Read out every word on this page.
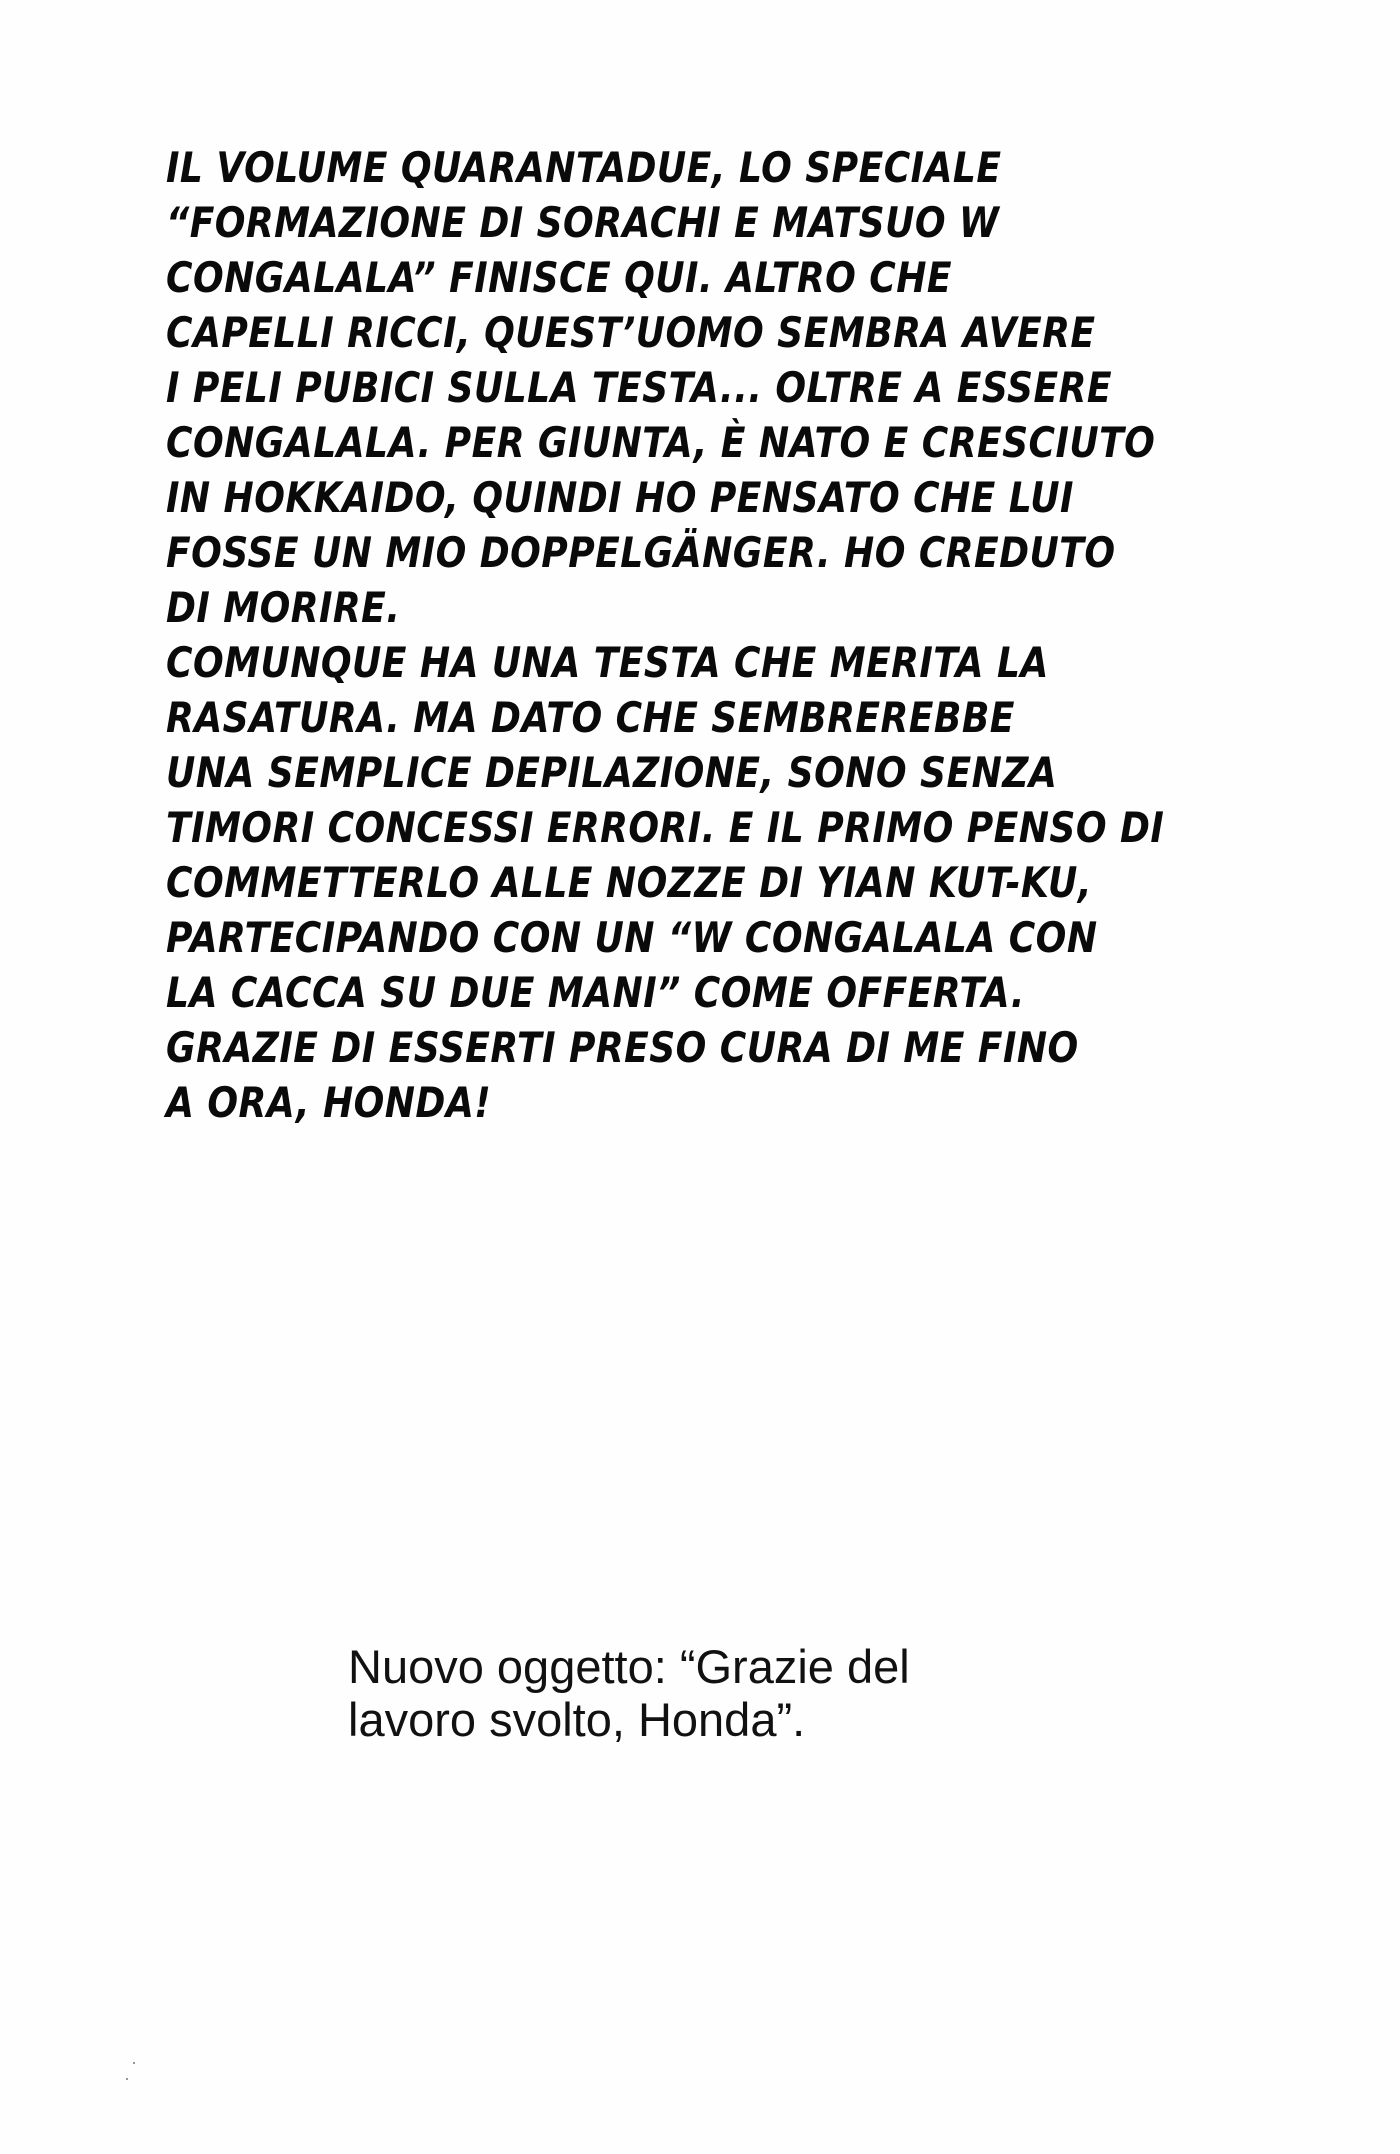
IL VOLUME QUARANTADUE, LO SPECIALE
“FORMAZIONE DI SORACHI E MATSUO W
CONGALALA” FINISCE QUI. ALTRO CHE
CAPELLI RICCI, QUEST’UOMO SEMBRA AVERE
I PELI PUBICI SULLA TESTA... OLTRE A ESSERE
CONGALALA. PER GIUNTA, È NATO E CRESCIUTO
IN HOKKAIDO, QUINDI HO PENSATO CHE LUI
FOSSE UN MIO DOPPELGÄNGER. HO CREDUTO
DI MORIRE.
COMUNQUE HA UNA TESTA CHE MERITA LA
RASATURA. MA DATO CHE SEMBREREBBE
UNA SEMPLICE DEPILAZIONE, SONO SENZA
TIMORI CONCESSI ERRORI. E IL PRIMO PENSO DI
COMMETTERLO ALLE NOZZE DI YIAN KUT-KU,
PARTECIPANDO CON UN “W CONGALALA CON
LA CACCA SU DUE MANI” COME OFFERTA.
GRAZIE DI ESSERTI PRESO CURA DI ME FINO
A ORA, HONDA!
Nuovo oggetto: “Grazie del
lavoro svolto, Honda”.
